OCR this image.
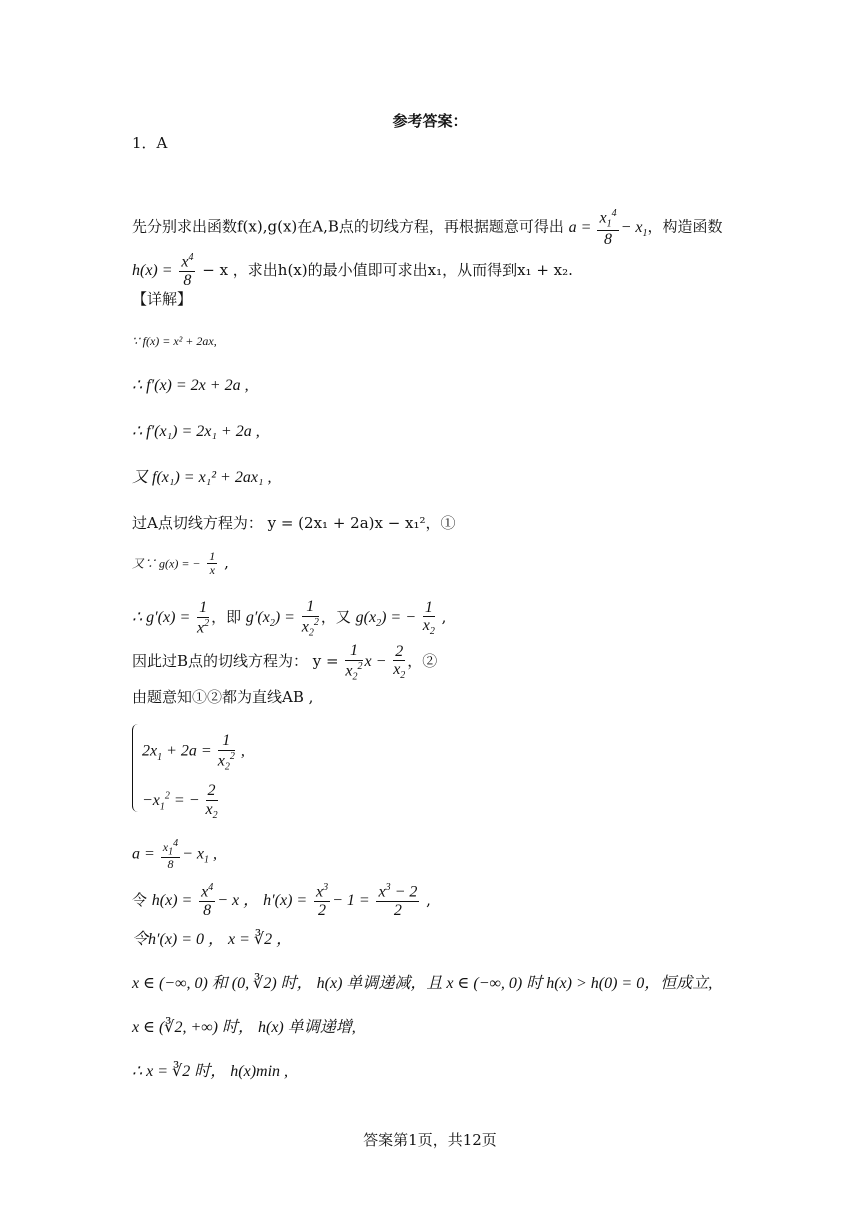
参考答案：
1．A
先分别求出函数f(x),g(x)在A,B点的切线方程，再根据题意可得出 $a = \frac{x_1^4}{8} - x_1$，构造函数
$h(x) = \frac{x^4}{8} - x$ ，求出h(x)的最小值即可求出x₁，从而得到x₁ + x₂.
【详解】
∵ f(x) = x² + 2ax,
∴ f′(x) = 2x + 2a ,
∴ f′(x₁) = 2x₁ + 2a ,
又 f(x₁) = x₁² + 2ax₁ ,
过A点切线方程为： y = (2x₁ + 2a)x − x₁²，①
又∵ g(x) = − $\frac{1}{x}$ ,
∴ $g'(x) = \frac{1}{x^2}$ ，即 $g'(x_2) = \frac{1}{x_2^2}$ ，又 $g(x_2)$ = − $\frac{1}{x_2}$ ,
因此过B点的切线方程为： $y = \frac{1}{x_2^2}$ $x - \frac{2}{x_2}$ ，②
由题意知①②都为直线AB ,
$2x_1 + 2a = \frac{1}{x_2^2}$ ,
$-x_1^2$ = − $\frac{2}{x_2}$
$a = \frac{x_1^4}{8} - x_1$ ,
令 $h(x) = \frac{x^4}{8} - x$ ， $h'(x) = \frac{x^3}{2} - 1 = \frac{x^3 - 2}{2}$ ,
令h′(x) = 0 ， x = ∛2 ，
x ∈ (−∞, 0) 和 (0, ∛2) 时， h(x) 单调递减，且 x ∈ (−∞, 0) 时 h(x) > h(0) = 0，恒成立,
x ∈ (∛2, +∞) 时， h(x) 单调递增,
∴ x = ∛2 时， h(x)min ,
答案第1页，共12页
